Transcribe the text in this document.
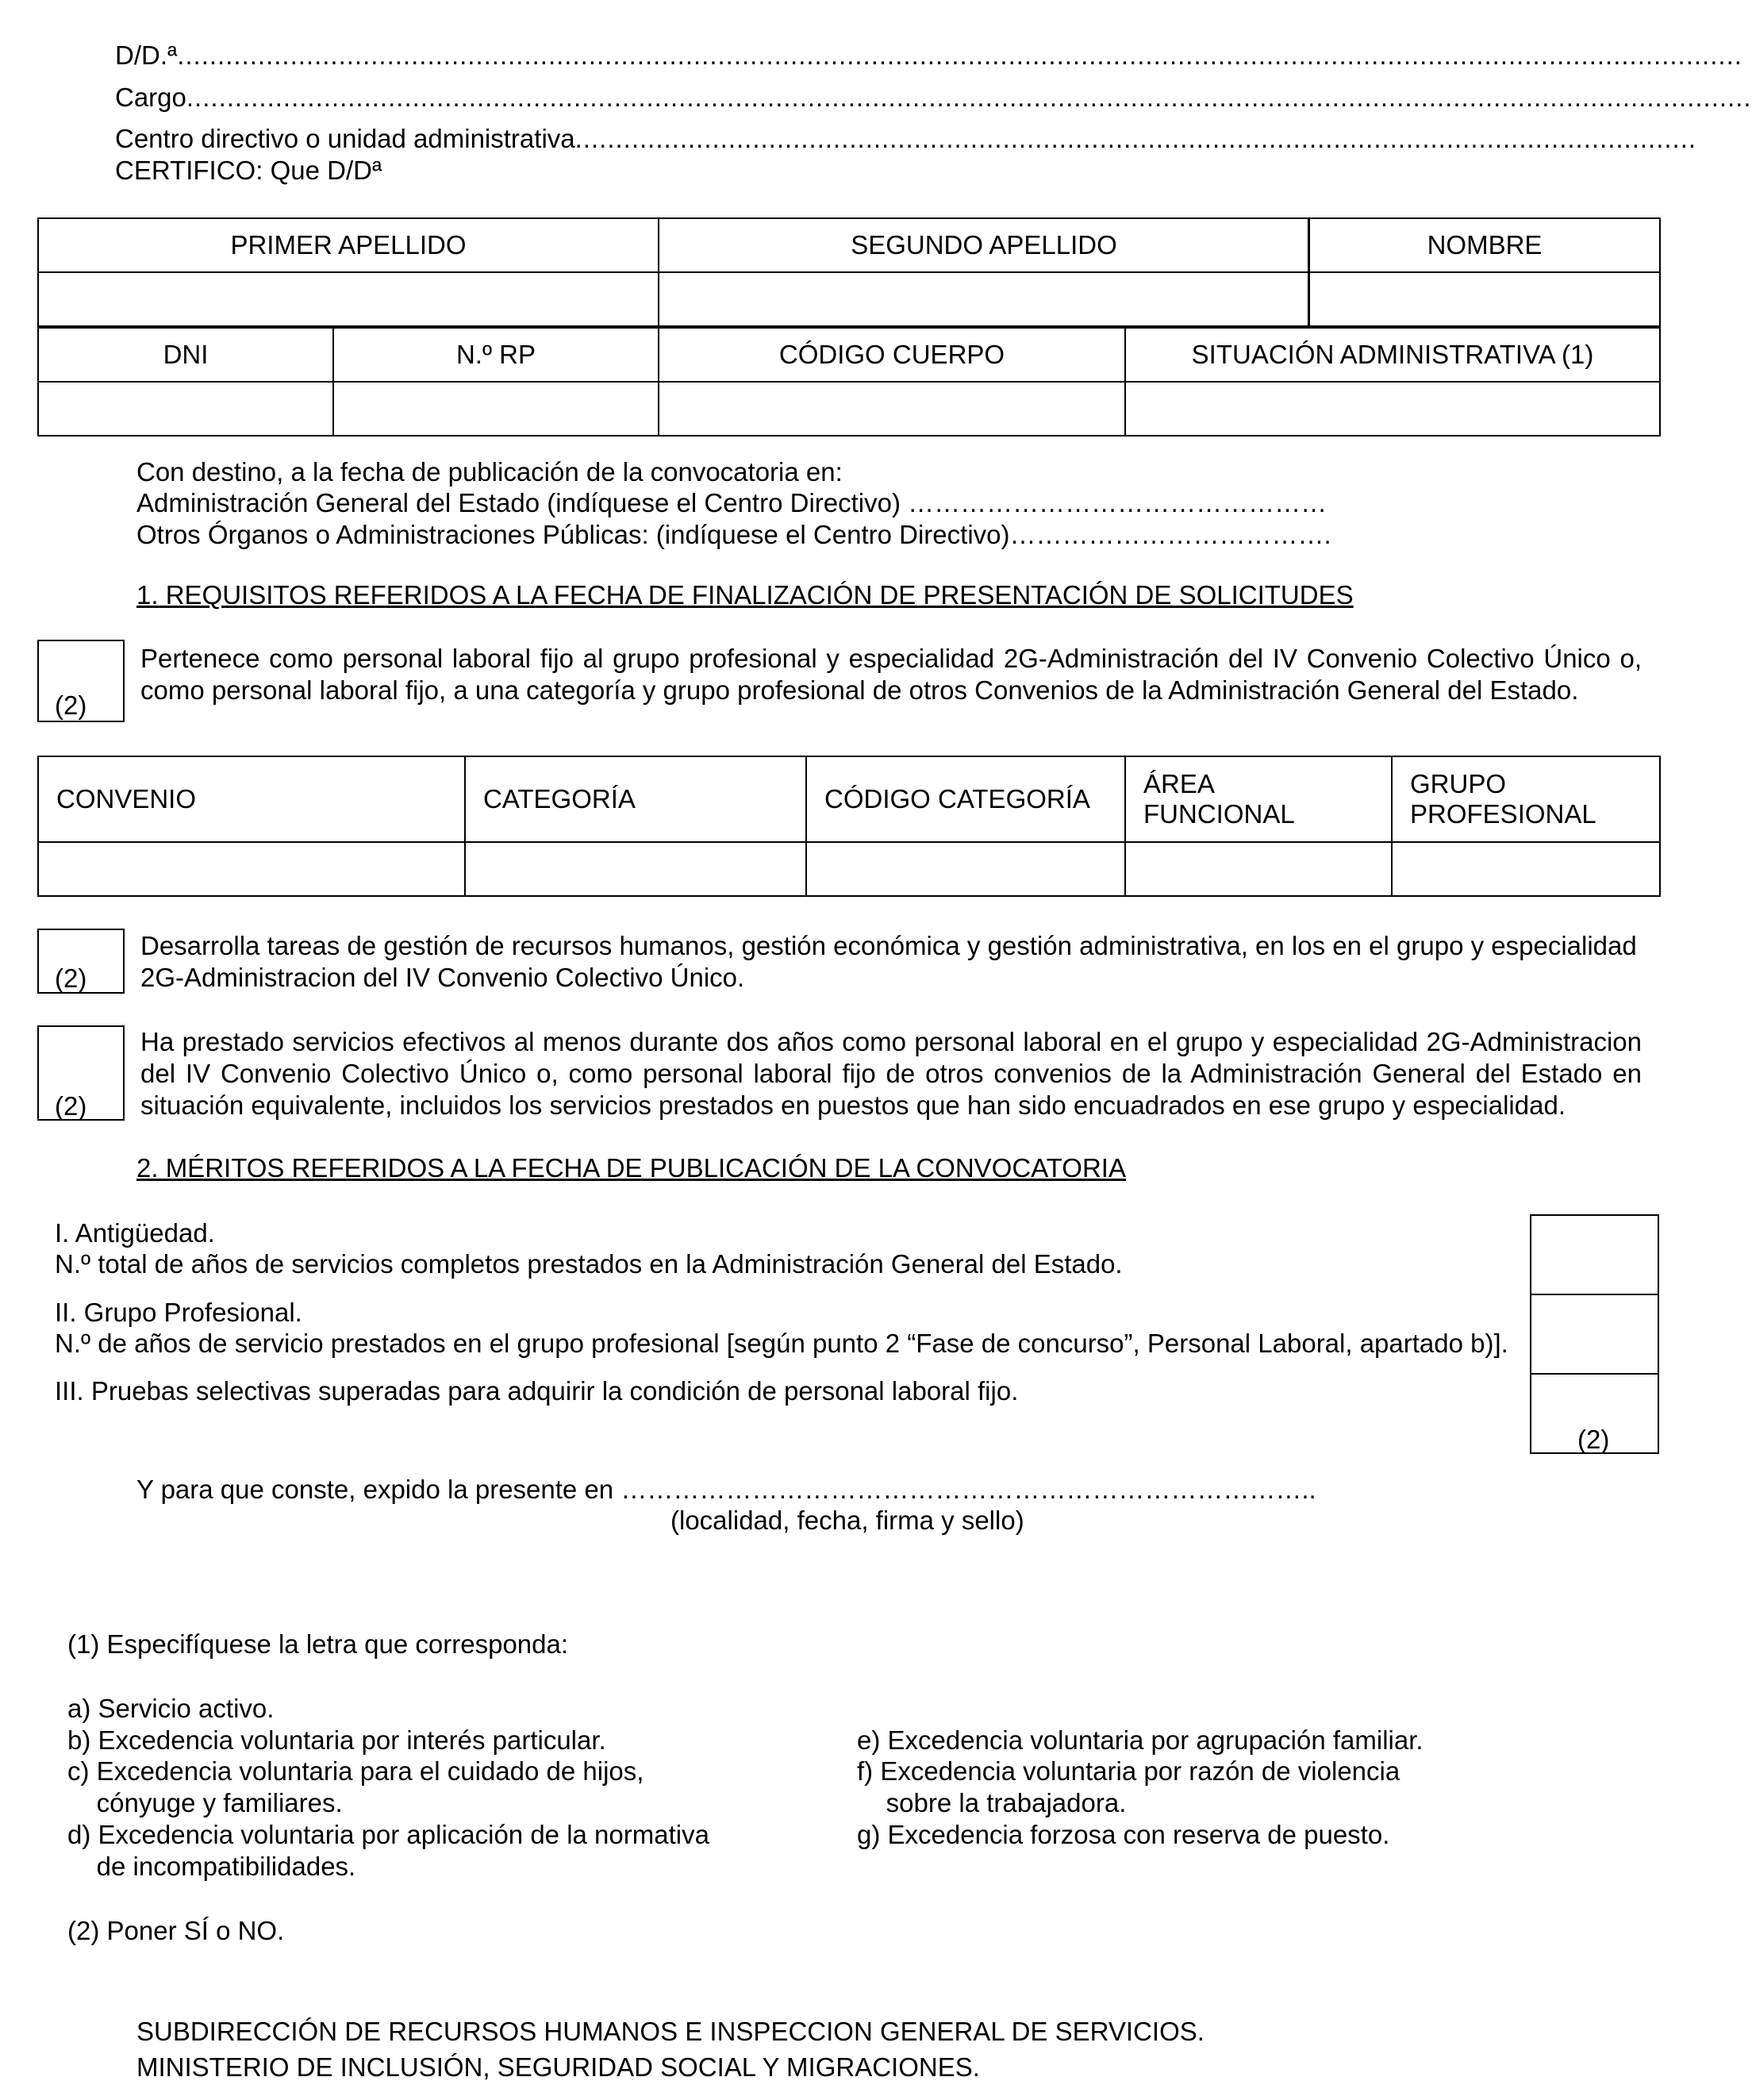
D/D.ª ..................................................................................................................................................................................................
Cargo ..................................................................................................................................................................................................
Centro directivo o unidad administrativa ...........................................................................................................................................
CERTIFICO: Que D/Dª
PRIMER APELLIDO	SEGUNDO APELLIDO	NOMBRE

DNI	N.º RP	CÓDIGO CUERPO	SITUACIÓN ADMINISTRATIVA (1)

Con destino, a la fecha de publicación de la convocatoria en:
Administración General del Estado (indíquese el Centro Directivo) …………………………………………
Otros Órganos o Administraciones Públicas: (indíquese el Centro Directivo)……………………………….
1. REQUISITOS REFERIDOS A LA FECHA DE FINALIZACIÓN DE PRESENTACIÓN DE SOLICITUDES
(2)
Pertenece como personal laboral fijo al grupo profesional y especialidad 2G-Administración del IV Convenio Colectivo Único o, como personal laboral fijo, a una categoría y grupo profesional de otros Convenios de la Administración General del Estado.
CONVENIO	CATEGORÍA	CÓDIGO CATEGORÍA	ÁREA FUNCIONAL	GRUPO PROFESIONAL

(2)
Desarrolla tareas de gestión de recursos humanos, gestión económica y gestión administrativa, en los en el grupo y especialidad 2G-Administracion del IV Convenio Colectivo Único.
(2)
Ha prestado servicios efectivos al menos durante dos años como personal laboral en el grupo y especialidad 2G-Administracion del IV Convenio Colectivo Único o, como personal laboral fijo de otros convenios de la Administración General del Estado en situación equivalente, incluidos los servicios prestados en puestos que han sido encuadrados en ese grupo y especialidad.
2. MÉRITOS REFERIDOS A LA FECHA DE PUBLICACIÓN DE LA CONVOCATORIA
I. Antigüedad.
N.º total de años de servicios completos prestados en la Administración General del Estado.
II. Grupo Profesional.
N.º de años de servicio prestados en el grupo profesional [según punto 2 “Fase de concurso”, Personal Laboral, apartado b)].
III. Pruebas selectivas superadas para adquirir la condición de personal laboral fijo.
(2)
Y para que conste, expido la presente en ……………………………………………………………………..
(localidad, fecha, firma y sello)
(1) Especifíquese la letra que corresponda:
a) Servicio activo.
b) Excedencia voluntaria por interés particular.
c) Excedencia voluntaria para el cuidado de hijos,
cónyuge y familiares.
d) Excedencia voluntaria por aplicación de la normativa
de incompatibilidades.
e) Excedencia voluntaria por agrupación familiar.
f) Excedencia voluntaria por razón de violencia
sobre la trabajadora.
g) Excedencia forzosa con reserva de puesto.
(2) Poner SÍ o NO.
SUBDIRECCIÓN DE RECURSOS HUMANOS E INSPECCION GENERAL DE SERVICIOS.
MINISTERIO DE INCLUSIÓN, SEGURIDAD SOCIAL Y MIGRACIONES.
